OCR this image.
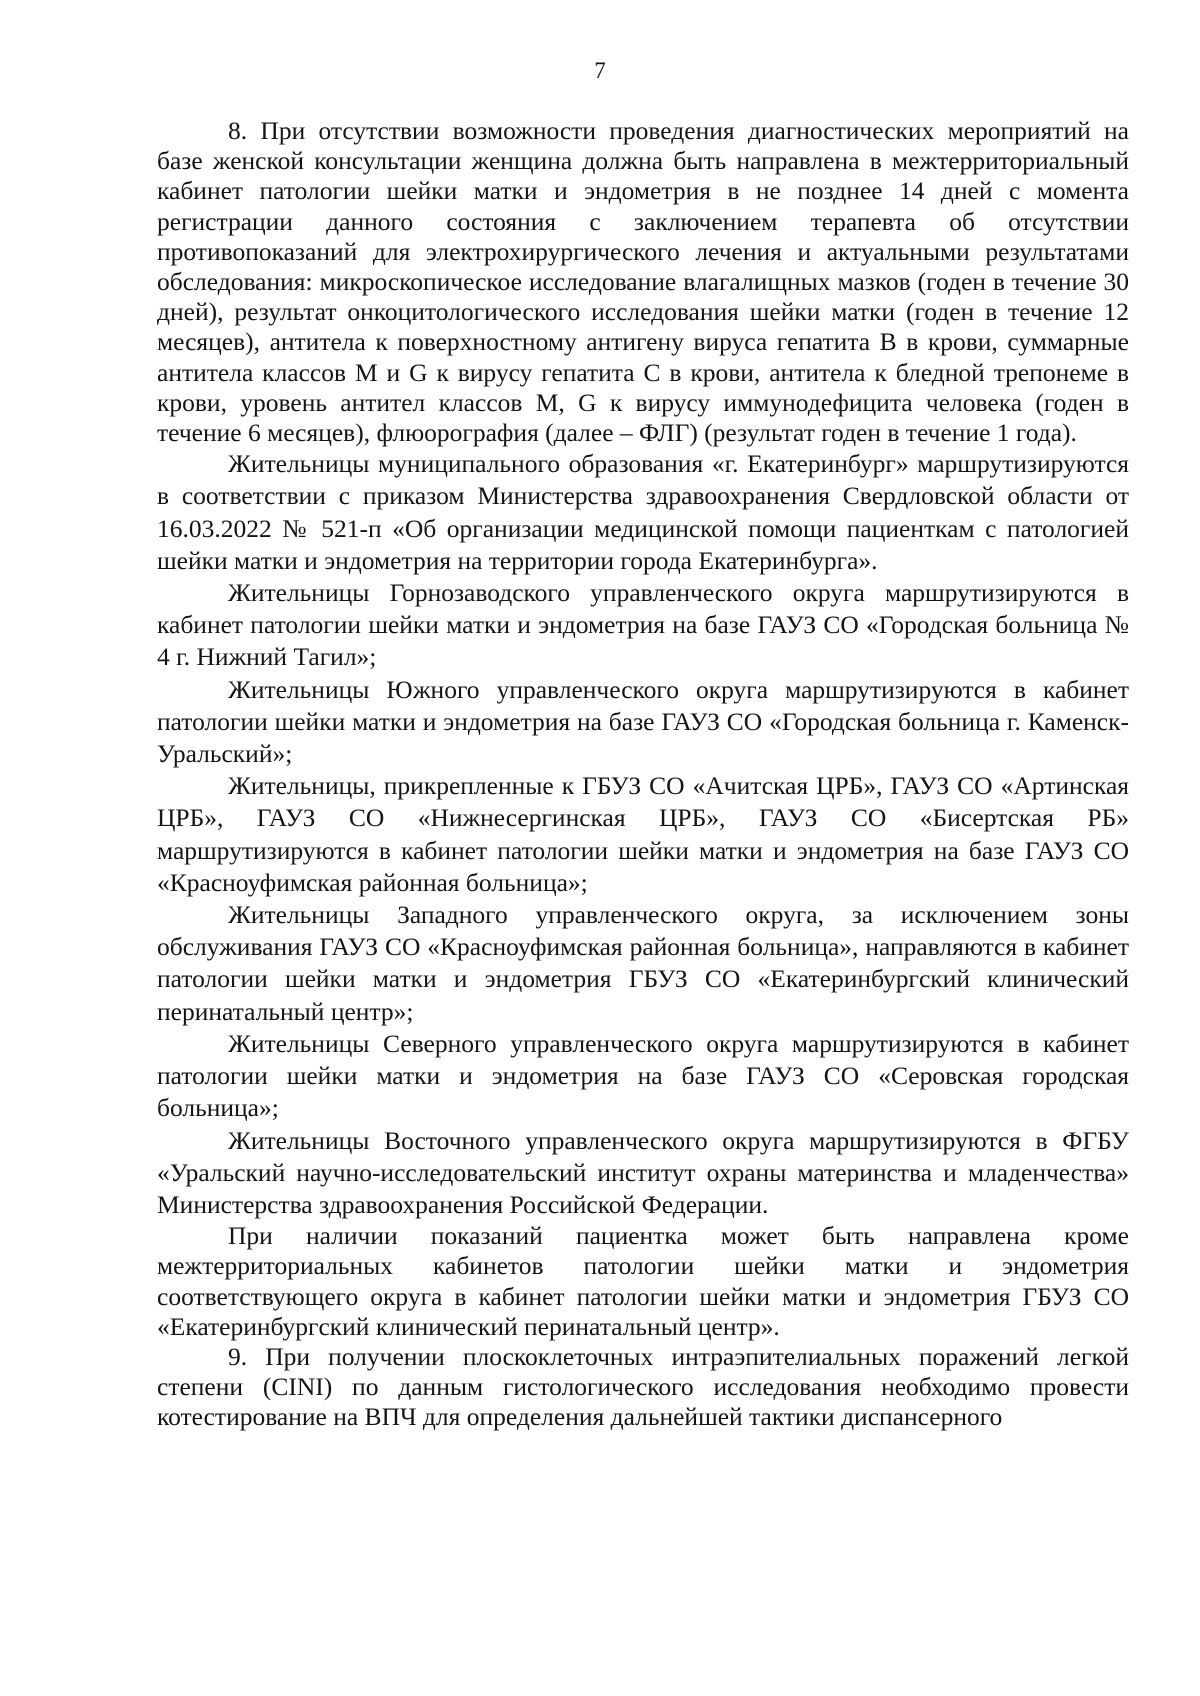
7

8. При отсутствии возможности проведения диагностических мероприятий на базе женской консультации женщина должна быть направлена в межтерриториальный кабинет патологии шейки матки и эндометрия в не позднее 14 дней с момента регистрации данного состояния с заключением терапевта об отсутствии противопоказаний для электрохирургического лечения и актуальными результатами обследования: микроскопическое исследование влагалищных мазков (годен в течение 30 дней), результат онкоцитологического исследования шейки матки (годен в течение 12 месяцев), антитела к поверхностному антигену вируса гепатита В в крови, суммарные антитела классов M и G к вирусу гепатита С в крови, антитела к бледной трепонеме в крови, уровень антител классов M, G к вирусу иммунодефицита человека (годен в течение 6 месяцев), флюорография (далее – ФЛГ) (результат годен в течение 1 года).

Жительницы муниципального образования «г. Екатеринбург» маршрутизируются в соответствии с приказом Министерства здравоохранения Свердловской области от 16.03.2022 № 521-п «Об организации медицинской помощи пациенткам с патологией шейки матки и эндометрия на территории города Екатеринбурга».

Жительницы Горнозаводского управленческого округа маршрутизируются в кабинет патологии шейки матки и эндометрия на базе ГАУЗ СО «Городская больница № 4 г. Нижний Тагил»;

Жительницы Южного управленческого округа маршрутизируются в кабинет патологии шейки матки и эндометрия на базе ГАУЗ СО «Городская больница г. Каменск-Уральский»;

Жительницы, прикрепленные к ГБУЗ СО «Ачитская ЦРБ», ГАУЗ СО «Артинская ЦРБ», ГАУЗ СО «Нижнесергинская ЦРБ», ГАУЗ СО «Бисертская РБ» маршрутизируются в кабинет патологии шейки матки и эндометрия на базе ГАУЗ СО «Красноуфимская районная больница»;

Жительницы Западного управленческого округа, за исключением зоны обслуживания ГАУЗ СО «Красноуфимская районная больница», направляются в кабинет патологии шейки матки и эндометрия ГБУЗ СО «Екатеринбургский клинический перинатальный центр»;

Жительницы Северного управленческого округа маршрутизируются в кабинет патологии шейки матки и эндометрия на базе ГАУЗ СО «Серовская городская больница»;

Жительницы Восточного управленческого округа маршрутизируются в ФГБУ «Уральский научно-исследовательский институт охраны материнства и младенчества» Министерства здравоохранения Российской Федерации.

При наличии показаний пациентка может быть направлена кроме межтерриториальных кабинетов патологии шейки матки и эндометрия соответствующего округа в кабинет патологии шейки матки и эндометрия ГБУЗ СО «Екатеринбургский клинический перинатальный центр».

9. При получении плоскоклеточных интраэпителиальных поражений легкой степени (CINI) по данным гистологического исследования необходимо провести котестирование на ВПЧ для определения дальнейшей тактики диспансерного
